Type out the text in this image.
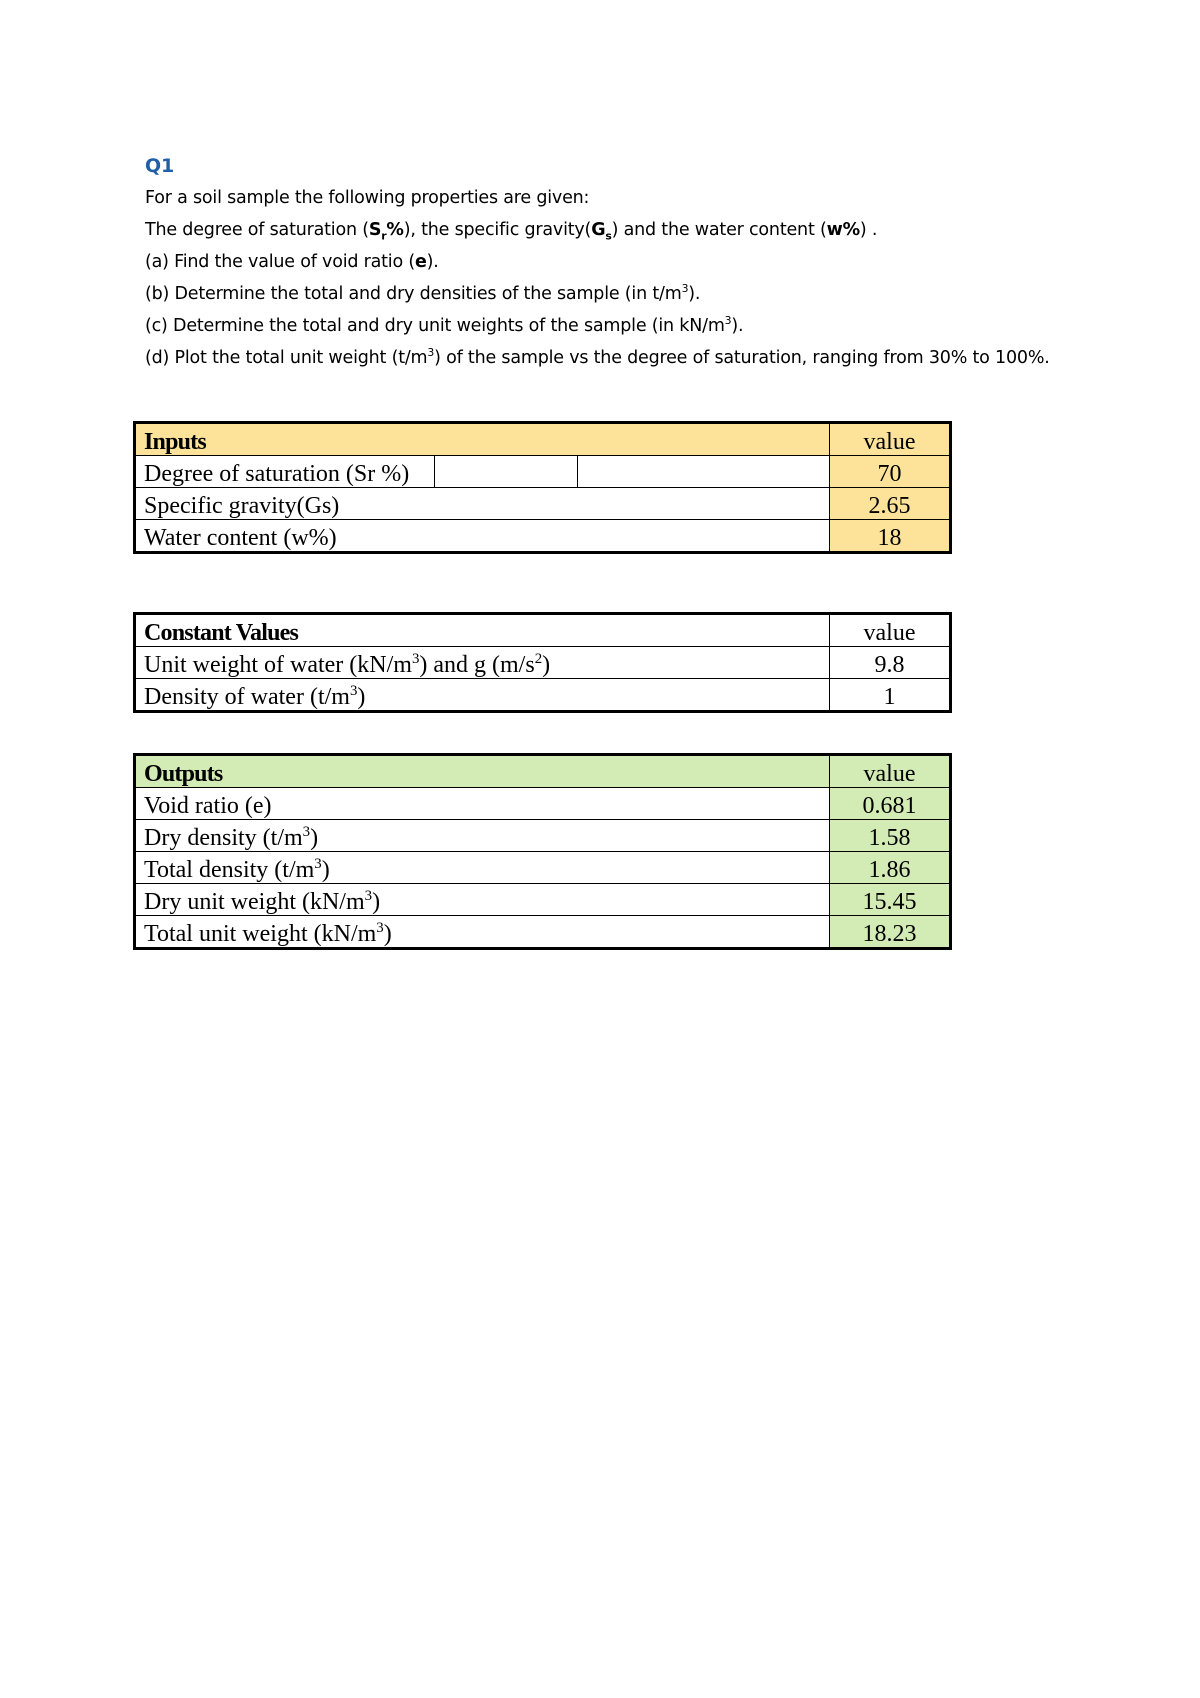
Q1
For a soil sample the following properties are given:
The degree of saturation $(S_r\%)$, the specific $gravity(G_s)$ and the water content (w%) .
(a) Find the value of void ratio (e).
(b) Determine the total and dry densities of the sample (in $t/m^3$).
(c) Determine the total and dry unit weights of the sample (in $kN/m^3$).
(d) Plot the total unit weight $(t/m^3)$ of the sample vs the degree of saturation, ranging from 30% to 100%.
Inputs			value
Degree of saturation (Sr %)			70
Specific gravity(Gs)			2.65
Water content (w%)			18
Constant Values	value
Unit weight of water $(kN/m^3)$ and g $(m/s^2)$	9.8
Density of water $(t/m^3)$	1
Outputs	value
Void ratio (e)	0.681
Dry density $(t/m^3)$	1.58
Total density $(t/m^3)$	1.86
Dry unit weight $(kN/m^3)$	15.45
Total unit weight $(kN/m^3)$	18.23
